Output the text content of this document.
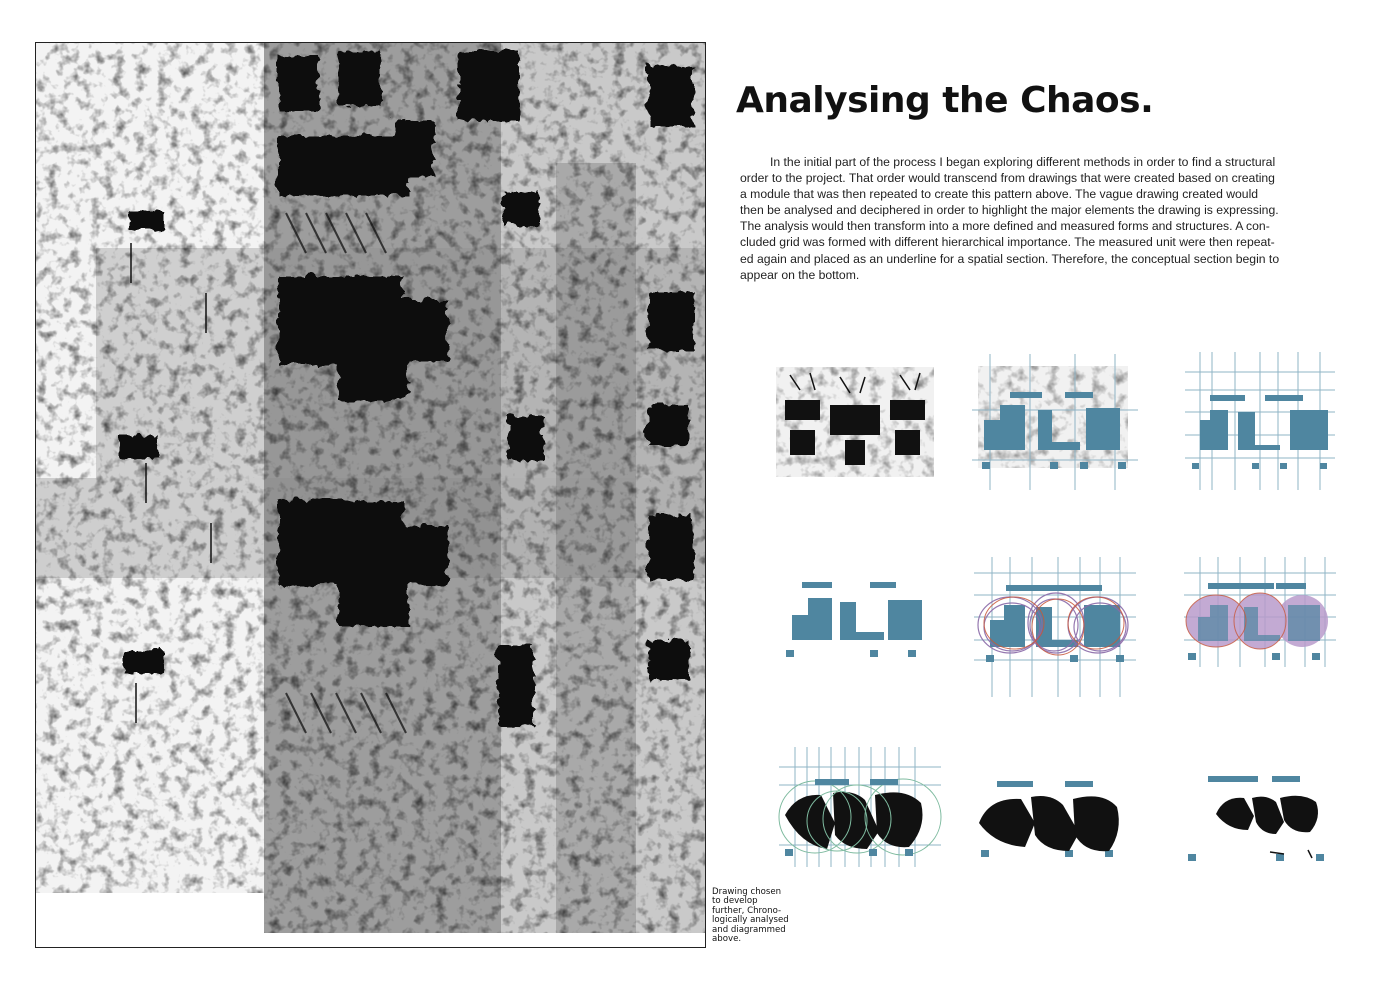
Drawing chosen
to develop
further, Chrono-
logically analysed
and diagrammed
above.
Analysing the Chaos.
In the initial part of the process I began exploring different methods in order to find a structural
order to the project. That order would transcend from drawings that were created based on creating
a module that was then repeated to create this pattern above. The vague drawing created would
then be analysed and deciphered in order to highlight the major elements the drawing is expressing.
The analysis would then transform into a more defined and measured forms and structures. A con-
cluded grid was formed with different hierarchical importance. The measured unit were then repeat-
ed again and placed as an underline for a spatial section. Therefore, the conceptual section begin to
appear on the bottom.
